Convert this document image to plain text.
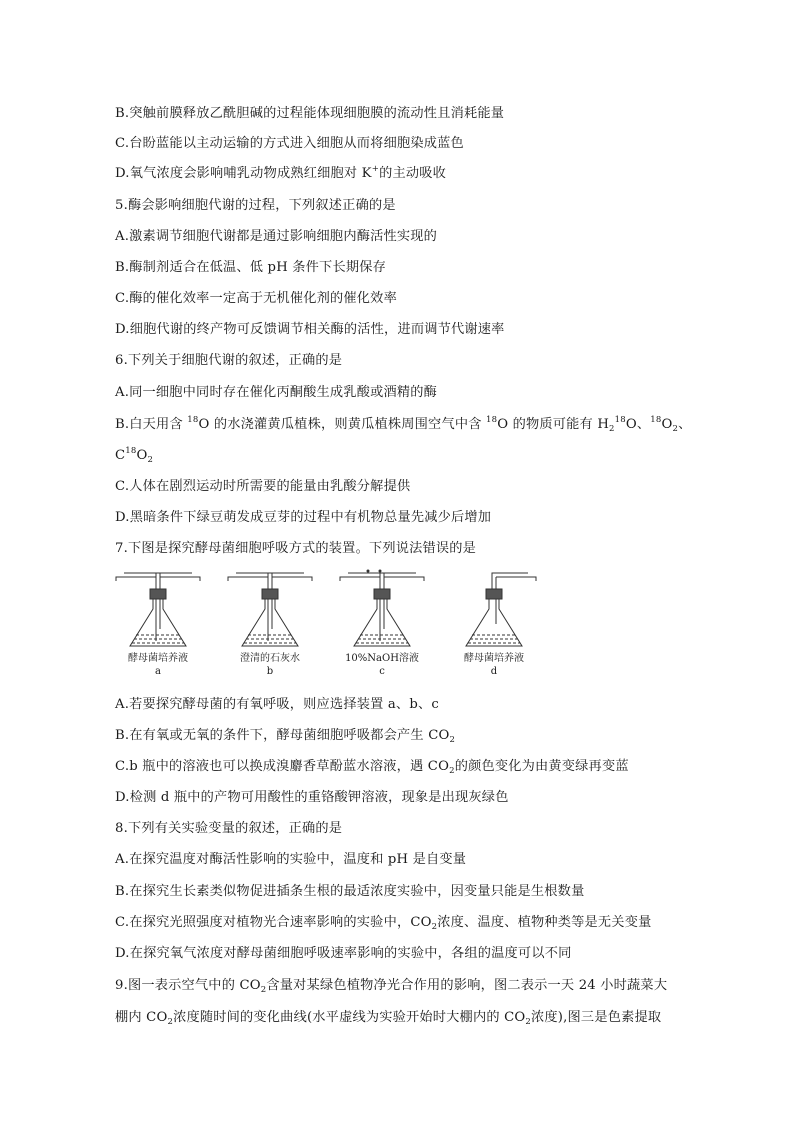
B.突触前膜释放乙酰胆碱的过程能体现细胞膜的流动性且消耗能量
C.台盼蓝能以主动运输的方式进入细胞从而将细胞染成蓝色
D.氧气浓度会影响哺乳动物成熟红细胞对 K+的主动吸收
5.酶会影响细胞代谢的过程，下列叙述正确的是
A.激素调节细胞代谢都是通过影响细胞内酶活性实现的
B.酶制剂适合在低温、低 pH 条件下长期保存
C.酶的催化效率一定高于无机催化剂的催化效率
D.细胞代谢的终产物可反馈调节相关酶的活性，进而调节代谢速率
6.下列关于细胞代谢的叙述，正确的是
A.同一细胞中同时存在催化丙酮酸生成乳酸或酒精的酶
B.白天用含 $^{18}$O 的水浇灌黄瓜植株，则黄瓜植株周围空气中含 $^{18}$O 的物质可能有 $H_2^{18}O$、$^{18}O_2$、
$C^{18}O_2$
C.人体在剧烈运动时所需要的能量由乳酸分解提供
D.黑暗条件下绿豆萌发成豆芽的过程中有机物总量先减少后增加
7.下图是探究酵母菌细胞呼吸方式的装置。下列说法错误的是
酵母菌培养液
a
澄清的石灰水
b
10%NaOH溶液
c
酵母菌培养液
d
A.若要探究酵母菌的有氧呼吸，则应选择装置 a、b、c
B.在有氧或无氧的条件下，酵母菌细胞呼吸都会产生 $CO_2$
C.b 瓶中的溶液也可以换成溴麝香草酚蓝水溶液，遇 $CO_2$的颜色变化为由黄变绿再变蓝
D.检测 d 瓶中的产物可用酸性的重铬酸钾溶液，现象是出现灰绿色
8.下列有关实验变量的叙述，正确的是
A.在探究温度对酶活性影响的实验中，温度和 pH 是自变量
B.在探究生长素类似物促进插条生根的最适浓度实验中，因变量只能是生根数量
C.在探究光照强度对植物光合速率影响的实验中，$CO_2$浓度、温度、植物种类等是无关变量
D.在探究氧气浓度对酵母菌细胞呼吸速率影响的实验中，各组的温度可以不同
9.图一表示空气中的 $CO_2$含量对某绿色植物净光合作用的影响，图二表示一天 24 小时蔬菜大
棚内 $CO_2$浓度随时间的变化曲线(水平虚线为实验开始时大棚内的 $CO_2$浓度),图三是色素提取
